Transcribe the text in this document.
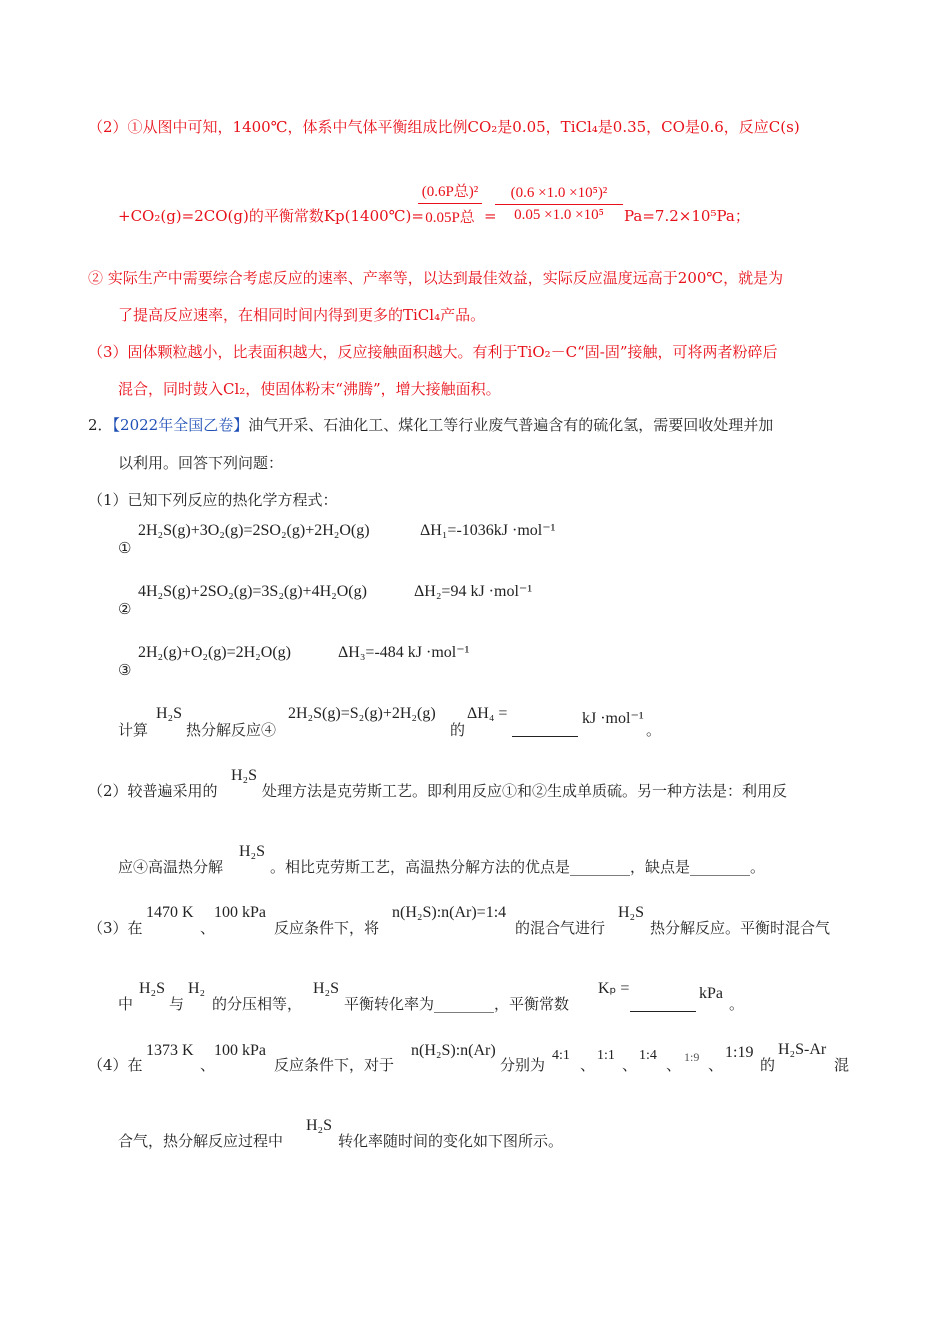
（2）①从图中可知，1400℃，体系中气体平衡组成比例CO₂是0.05，TiCl₄是0.35，CO是0.6，反应C(s)
+CO₂(g)=2CO(g)的平衡常数Kp(1400℃)=
(0.6P总)²
0.05P总 =
(0.6 ×1.0 ×10⁵)²
0.05 ×1.0 ×10⁵	Pa=7.2×10⁵Pa；
② 实际生产中需要综合考虑反应的速率、产率等，以达到最佳效益，实际反应温度远高于200℃，就是为
了提高反应速率，在相同时间内得到更多的TiCl₄产品。
（3）固体颗粒越小，比表面积越大，反应接触面积越大。有利于TiO₂－C“固-固”接触，可将两者粉碎后
混合，同时鼓入Cl₂，使固体粉末“沸腾”，增大接触面积。
2．【2022年全国乙卷】油气开采、石油化工、煤化工等行业废气普遍含有的硫化氢，需要回收处理并加
以利用。回答下列问题：
（1）已知下列反应的热化学方程式：
①
2H₂S(g)+3O₂(g)=2SO₂(g)+2H₂O(g)	ΔH₁=-1036kJ ·mol⁻¹
②
4H₂S(g)+2SO₂(g)=3S₂(g)+4H₂O(g)	ΔH₂=94 kJ ·mol⁻¹
③
2H₂(g)+O₂(g)=2H₂O(g)	ΔH₃=-484 kJ ·mol⁻¹
计算
H₂S
热分解反应④
2H₂S(g)=S₂(g)+2H₂(g)
的
ΔH₄ =	kJ ·mol⁻¹
。
（2）较普遍采用的
H₂S
处理方法是克劳斯工艺。即利用反应①和②生成单质硫。另一种方法是：利用反
应④高温热分解
H₂S
。相比克劳斯工艺，高温热分解方法的优点是________，缺点是________。
（3）在
1470 K
、
100 kPa
反应条件下，将
n(H₂S):n(Ar)=1:4
的混合气进行
H₂S
热分解反应。平衡时混合气
中
H₂S
与
H₂
的分压相等，
H₂S
平衡转化率为________，平衡常数
Kₚ =	kPa
。
（4）在
1373 K
、
100 kPa
反应条件下，对于
n(H₂S):n(Ar)
分别为
4:1
、
1:1
、
1:4
、 1:9 、
1:19
的
H₂S-Ar
混
合气，热分解反应过程中
H₂S
转化率随时间的变化如下图所示。
